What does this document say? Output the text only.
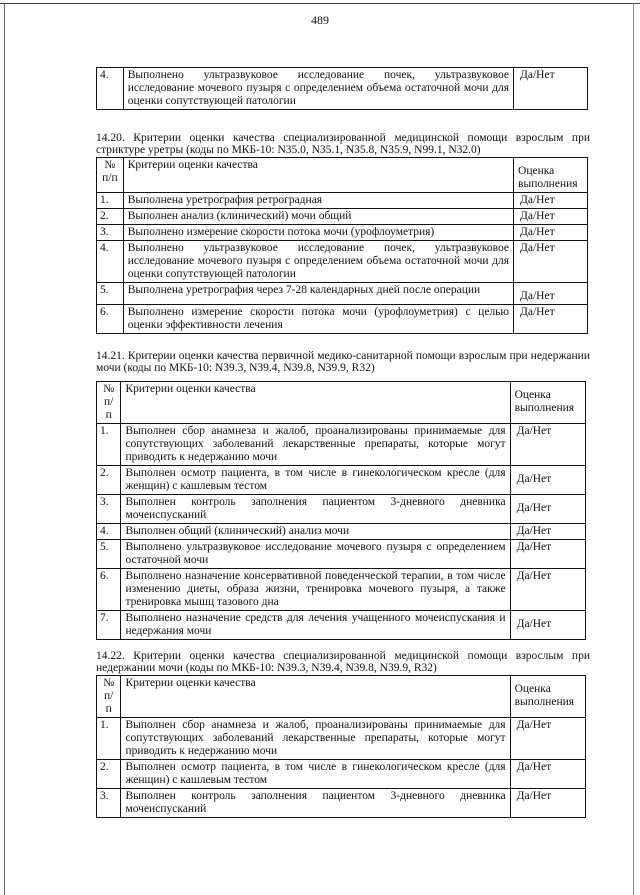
489
4.	Выполнено ультразвуковое исследование почек, ультразвуковое исследование мочевого пузыря с определением объема остаточной мочи для оценки сопутствующей патологии	Да/Нет
14.20. Критерии оценки качества специализированной медицинской помощи взрослым при стриктуре уретры (коды по МКБ-10: N35.0, N35.1, N35.8, N35.9, N99.1, N32.0)
№ п/п	Критерии оценки качества	Оценка выполнения
1.	Выполнена уретрография ретроградная	Да/Нет
2.	Выполнен анализ (клинический) мочи общий	Да/Нет
3.	Выполнено измерение скорости потока мочи (урофлоуметрия)	Да/Нет
4.	Выполнено ультразвуковое исследование почек, ультразвуковое исследование мочевого пузыря с определением объема остаточной мочи для оценки сопутствующей патологии	Да/Нет
5.	Выполнена уретрография через 7-28 календарных дней после операции	Да/Нет
6.	Выполнено измерение скорости потока мочи (урофлоуметрия) с целью оценки эффективности лечения	Да/Нет
14.21. Критерии оценки качества первичной медико-санитарной помощи взрослым при недержании мочи (коды по МКБ-10: N39.3, N39.4, N39.8, N39.9, R32)
№ п/п	Критерии оценки качества	Оценка выполнения
1.	Выполнен сбор анамнеза и жалоб, проанализированы принимаемые для сопутствующих заболеваний лекарственные препараты, которые могут приводить к недержанию мочи	Да/Нет
2.	Выполнен осмотр пациента, в том числе в гинекологическом кресле (для женщин) с кашлевым тестом	Да/Нет
3.	Выполнен контроль заполнения пациентом 3-дневного дневника мочеиспусканий	Да/Нет
4.	Выполнен общий (клинический) анализ мочи	Да/Нет
5.	Выполнено ультразвуковое исследование мочевого пузыря с определением остаточной мочи	Да/Нет
6.	Выполнено назначение консервативной поведенческой терапии, в том числе изменению диеты, образа жизни, тренировка мочевого пузыря, а также тренировка мышц тазового дна	Да/Нет
7.	Выполнено назначение средств для лечения учащенного мочеиспускания и недержания мочи	Да/Нет
14.22. Критерии оценки качества специализированной медицинской помощи взрослым при недержании мочи (коды по МКБ-10: N39.3, N39.4, N39.8, N39.9, R32)
№ п/п	Критерии оценки качества	Оценка выполнения
1.	Выполнен сбор анамнеза и жалоб, проанализированы принимаемые для сопутствующих заболеваний лекарственные препараты, которые могут приводить к недержанию мочи	Да/Нет
2.	Выполнен осмотр пациента, в том числе в гинекологическом кресле (для женщин) с кашлевым тестом	Да/Нет
3.	Выполнен контроль заполнения пациентом 3-дневного дневника мочеиспусканий	Да/Нет
